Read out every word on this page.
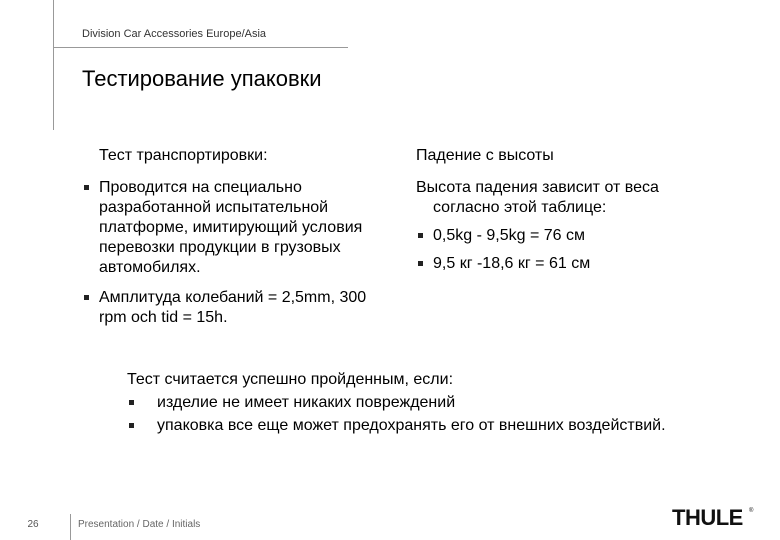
Division Car Accessories Europe/Asia
Тестирование упаковки
Тест транспортировки:
Проводится на специально разработанной испытательной платформе, имитирующий условия перевозки продукции в грузовых автомобилях.
Амплитуда колебаний = 2,5mm, 300 rpm och tid = 15h.
Падение с высоты
Высота падения зависит от веса
согласно этой таблице:
0,5kg - 9,5kg = 76 см
9,5 кг -18,6 кг = 61 см
Тест считается успешно пройденным, если:
изделие не имеет никаких повреждений
упаковка все еще может предохранять его от внешних воздействий.
26	Presentation / Date / Initials	THULE ®
